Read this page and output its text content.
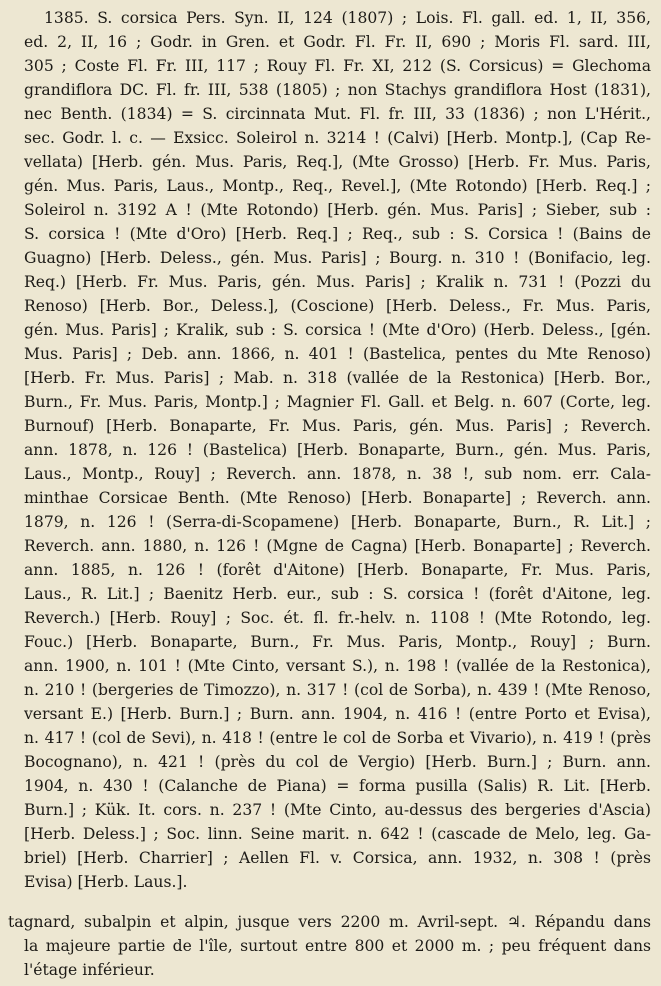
1385. S. corsica Pers. Syn. II, 124 (1807) ; Lois. Fl. gall. ed. 1, II, 356,
ed. 2, II, 16 ; Godr. in Gren. et Godr. Fl. Fr. II, 690 ; Moris Fl. sard. III,
305 ; Coste Fl. Fr. III, 117 ; Rouy Fl. Fr. XI, 212 (S. Corsicus) = Glechoma
grandiflora DC. Fl. fr. III, 538 (1805) ; non Stachys grandiflora Host (1831),
nec Benth. (1834) = S. circinnata Mut. Fl. fr. III, 33 (1836) ; non L'Hérit.,
sec. Godr. l. c. — Exsicc. Soleirol n. 3214 ! (Calvi) [Herb. Montp.], (Cap Re-
vellata) [Herb. gén. Mus. Paris, Req.], (Mte Grosso) [Herb. Fr. Mus. Paris,
gén. Mus. Paris, Laus., Montp., Req., Revel.], (Mte Rotondo) [Herb. Req.] ;
Soleirol n. 3192 A ! (Mte Rotondo) [Herb. gén. Mus. Paris] ; Sieber, sub :
S. corsica ! (Mte d'Oro) [Herb. Req.] ; Req., sub : S. Corsica ! (Bains de
Guagno) [Herb. Deless., gén. Mus. Paris] ; Bourg. n. 310 ! (Bonifacio, leg.
Req.) [Herb. Fr. Mus. Paris, gén. Mus. Paris] ; Kralik n. 731 ! (Pozzi du
Renoso) [Herb. Bor., Deless.], (Coscione) [Herb. Deless., Fr. Mus. Paris,
gén. Mus. Paris] ; Kralik, sub : S. corsica ! (Mte d'Oro) (Herb. Deless., [gén.
Mus. Paris] ; Deb. ann. 1866, n. 401 ! (Bastelica, pentes du Mte Renoso)
[Herb. Fr. Mus. Paris] ; Mab. n. 318 (vallée de la Restonica) [Herb. Bor.,
Burn., Fr. Mus. Paris, Montp.] ; Magnier Fl. Gall. et Belg. n. 607 (Corte, leg.
Burnouf) [Herb. Bonaparte, Fr. Mus. Paris, gén. Mus. Paris] ; Reverch.
ann. 1878, n. 126 ! (Bastelica) [Herb. Bonaparte, Burn., gén. Mus. Paris,
Laus., Montp., Rouy] ; Reverch. ann. 1878, n. 38 !, sub nom. err. Cala-
minthae Corsicae Benth. (Mte Renoso) [Herb. Bonaparte] ; Reverch. ann.
1879, n. 126 ! (Serra-di-Scopamene) [Herb. Bonaparte, Burn., R. Lit.] ;
Reverch. ann. 1880, n. 126 ! (Mgne de Cagna) [Herb. Bonaparte] ; Reverch.
ann. 1885, n. 126 ! (forêt d'Aitone) [Herb. Bonaparte, Fr. Mus. Paris,
Laus., R. Lit.] ; Baenitz Herb. eur., sub : S. corsica ! (forêt d'Aitone, leg.
Reverch.) [Herb. Rouy] ; Soc. ét. fl. fr.-helv. n. 1108 ! (Mte Rotondo, leg.
Fouc.) [Herb. Bonaparte, Burn., Fr. Mus. Paris, Montp., Rouy] ; Burn.
ann. 1900, n. 101 ! (Mte Cinto, versant S.), n. 198 ! (vallée de la Restonica),
n. 210 ! (bergeries de Timozzo), n. 317 ! (col de Sorba), n. 439 ! (Mte Renoso,
versant E.) [Herb. Burn.] ; Burn. ann. 1904, n. 416 ! (entre Porto et Evisa),
n. 417 ! (col de Sevi), n. 418 ! (entre le col de Sorba et Vivario), n. 419 ! (près
Bocognano), n. 421 ! (près du col de Vergio) [Herb. Burn.] ; Burn. ann.
1904, n. 430 ! (Calanche de Piana) = forma pusilla (Salis) R. Lit. [Herb.
Burn.] ; Kük. It. cors. n. 237 ! (Mte Cinto, au-dessus des bergeries d'Ascia)
[Herb. Deless.] ; Soc. linn. Seine marit. n. 642 ! (cascade de Melo, leg. Ga-
briel) [Herb. Charrier] ; Aellen Fl. v. Corsica, ann. 1932, n. 308 ! (près
Evisa) [Herb. Laus.].
tagnard, subalpin et alpin, jusque vers 2200 m. Avril-sept. ♃. Répandu dans
la majeure partie de l'île, surtout entre 800 et 2000 m. ; peu fréquent dans
l'étage inférieur.
